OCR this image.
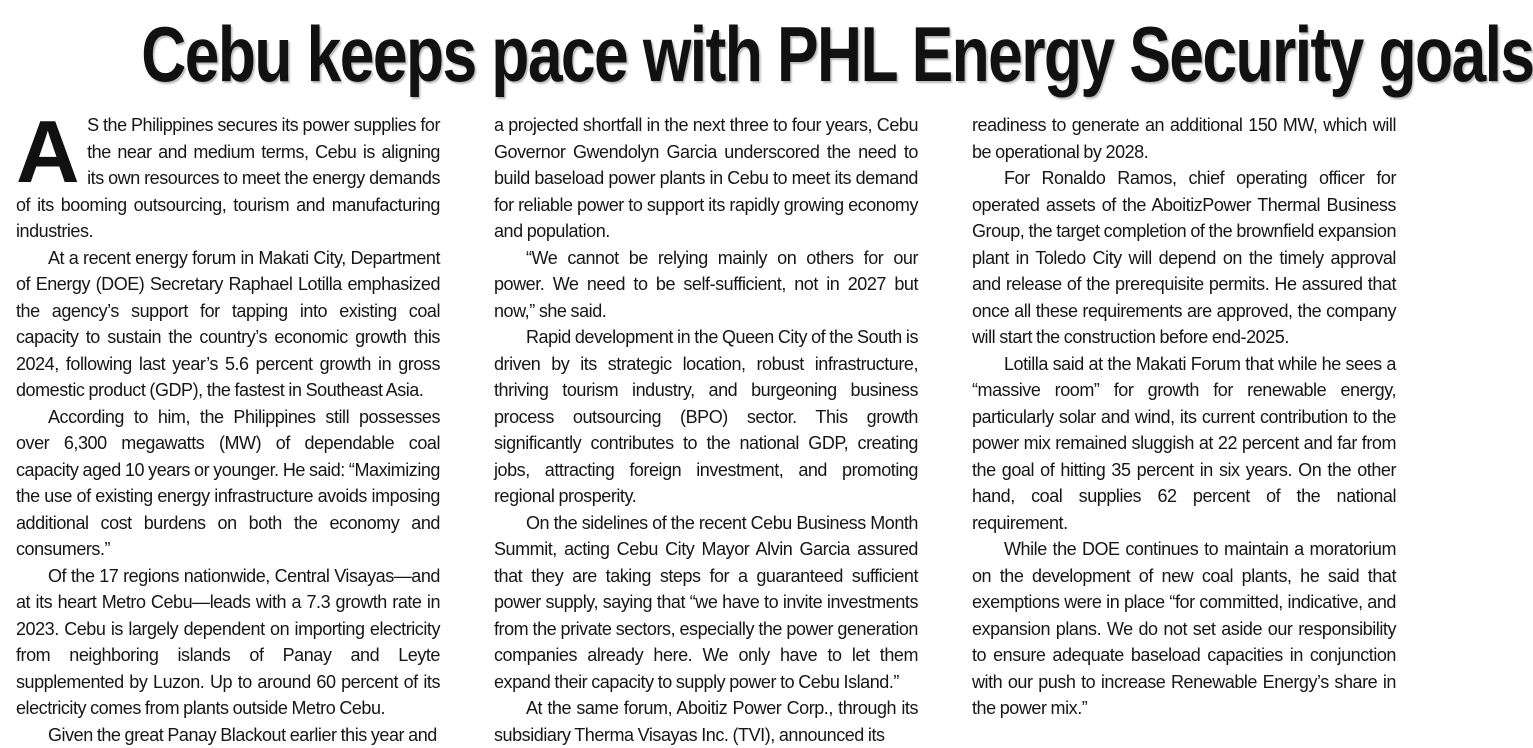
Cebu keeps pace with PHL Energy Security goals

A S the Philippines secures its power supplies for the near and medium terms, Cebu is aligning its own resources to meet the energy demands of its booming outsourcing, tourism and manufacturing industries.

At a recent energy forum in Makati City, Department of Energy (DOE) Secretary Raphael Lotilla emphasized the agency’s support for tapping into existing coal capacity to sustain the country’s economic growth this 2024, following last year’s 5.6 percent growth in gross domestic product (GDP), the fastest in Southeast Asia.

According to him, the Philippines still possesses over 6,300 megawatts (MW) of dependable coal capacity aged 10 years or younger. He said: “Maximizing the use of existing energy infrastructure avoids imposing additional cost burdens on both the economy and consumers.”

Of the 17 regions nationwide, Central Visayas—and at its heart Metro Cebu—leads with a 7.3 growth rate in 2023. Cebu is largely dependent on importing electricity from neighboring islands of Panay and Leyte supplemented by Luzon. Up to around 60 percent of its electricity comes from plants outside Metro Cebu.

Given the great Panay Blackout earlier this year and

a projected shortfall in the next three to four years, Cebu Governor Gwendolyn Garcia underscored the need to build baseload power plants in Cebu to meet its demand for reliable power to support its rapidly growing economy and population.

“We cannot be relying mainly on others for our power. We need to be self-sufficient, not in 2027 but now,” she said.

Rapid development in the Queen City of the South is driven by its strategic location, robust infrastructure, thriving tourism industry, and burgeoning business process outsourcing (BPO) sector. This growth significantly contributes to the national GDP, creating jobs, attracting foreign investment, and promoting regional prosperity.

On the sidelines of the recent Cebu Business Month Summit, acting Cebu City Mayor Alvin Garcia assured that they are taking steps for a guaranteed sufficient power supply, saying that “we have to invite investments from the private sectors, especially the power generation companies already here. We only have to let them expand their capacity to supply power to Cebu Island.”

At the same forum, Aboitiz Power Corp., through its subsidiary Therma Visayas Inc. (TVI), announced its

readiness to generate an additional 150 MW, which will be operational by 2028.

For Ronaldo Ramos, chief operating officer for operated assets of the AboitizPower Thermal Business Group, the target completion of the brownfield expansion plant in Toledo City will depend on the timely approval and release of the prerequisite permits. He assured that once all these requirements are approved, the company will start the construction before end-2025.

Lotilla said at the Makati Forum that while he sees a “massive room” for growth for renewable energy, particularly solar and wind, its current contribution to the power mix remained sluggish at 22 percent and far from the goal of hitting 35 percent in six years. On the other hand, coal supplies 62 percent of the national requirement.

While the DOE continues to maintain a moratorium on the development of new coal plants, he said that exemptions were in place “for committed, indicative, and expansion plans. We do not set aside our responsibility to ensure adequate baseload capacities in conjunction with our push to increase Renewable Energy’s share in the power mix.”
